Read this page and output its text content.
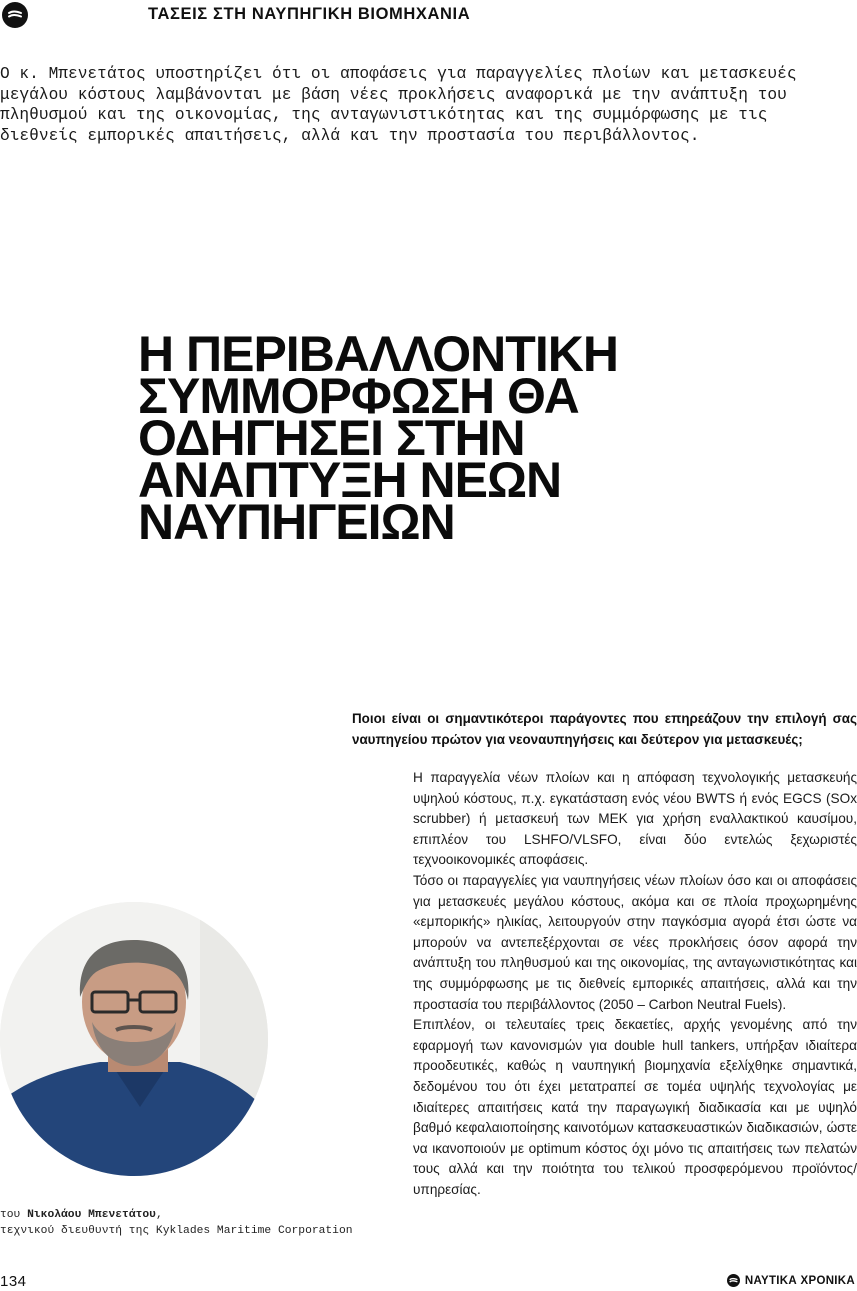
ΤΑΣΕΙΣ ΣΤΗ ΝΑΥΠΗΓΙΚΗ ΒΙΟΜΗΧΑΝΙΑ

Ο κ. Μπενετάτος υποστηρίζει ότι οι αποφάσεις για παραγγελίες πλοίων και μετασκευές μεγάλου κόστους λαμβάνονται με βάση νέες προκλήσεις αναφορικά με την ανάπτυξη του πληθυσμού και της οικονομίας, της ανταγωνιστικότητας και της συμμόρφωσης με τις διεθνείς εμπορικές απαιτήσεις, αλλά και την προστασία του περιβάλλοντος.

Η ΠΕΡΙΒΑΛΛΟΝΤΙΚΗ
ΣΥΜΜΟΡΦΩΣΗ ΘΑ
ΟΔΗΓΗΣΕΙ ΣΤΗΝ
ΑΝΑΠΤΥΞΗ ΝΕΩΝ
ΝΑΥΠΗΓΕΙΩΝ

του Νικολάου Μπενετάτου,

τεχνικού διευθυντή της Kyklades Maritime Corporation

Ποιοι είναι οι σημαντικότεροι παράγοντες που επηρεάζουν την επιλογή σας ναυπηγείου πρώτον για νεοναυπηγήσεις και δεύτερον για μετασκευές;

Η παραγγελία νέων πλοίων και η απόφαση τεχνολογικής μετασκευής υψηλού κόστους, π.χ. εγκατάσταση ενός νέου BWTS ή ενός EGCS (SOx scrubber) ή μετασκευή των ΜΕΚ για χρήση εναλλακτικού καυσίμου, επιπλέον του LSHFO/VLSFO, είναι δύο εντελώς ξεχωριστές τεχνοοικονομικές αποφάσεις.

Τόσο οι παραγγελίες για ναυπηγήσεις νέων πλοίων όσο και οι αποφάσεις για μετασκευές μεγάλου κόστους, ακόμα και σε πλοία προχωρημένης «εμπορικής» ηλικίας, λειτουργούν στην παγκόσμια αγορά έτσι ώστε να μπορούν να αντεπεξέρχονται σε νέες προκλήσεις όσον αφορά την ανάπτυξη του πληθυσμού και της οικονομίας, της ανταγωνιστικότητας και της συμμόρφωσης με τις διεθνείς εμπορικές απαιτήσεις, αλλά και την προστασία του περιβάλλοντος (2050 – Carbon Neutral Fuels).

Επιπλέον, οι τελευταίες τρεις δεκαετίες, αρχής γενομένης από την εφαρμογή των κανονισμών για double hull tankers, υπήρξαν ιδιαίτερα προοδευτικές, καθώς η ναυπηγική βιομηχανία εξελίχθηκε σημαντικά, δεδομένου του ότι έχει μετατραπεί σε τομέα υψηλής τεχνολογίας με ιδιαίτερες απαιτήσεις κατά την παραγωγική διαδικασία και με υψηλό βαθμό κεφαλαιοποίησης καινοτόμων κατασκευαστικών διαδικασιών, ώστε να ικανοποιούν με optimum κόστος όχι μόνο τις απαιτήσεις των πελατών τους αλλά και την ποιότητα του τελικού προσφερόμενου προϊόντος/υπηρεσίας.

134	ΝΑΥΤΙΚΑ ΧΡΟΝΙΚΑ
